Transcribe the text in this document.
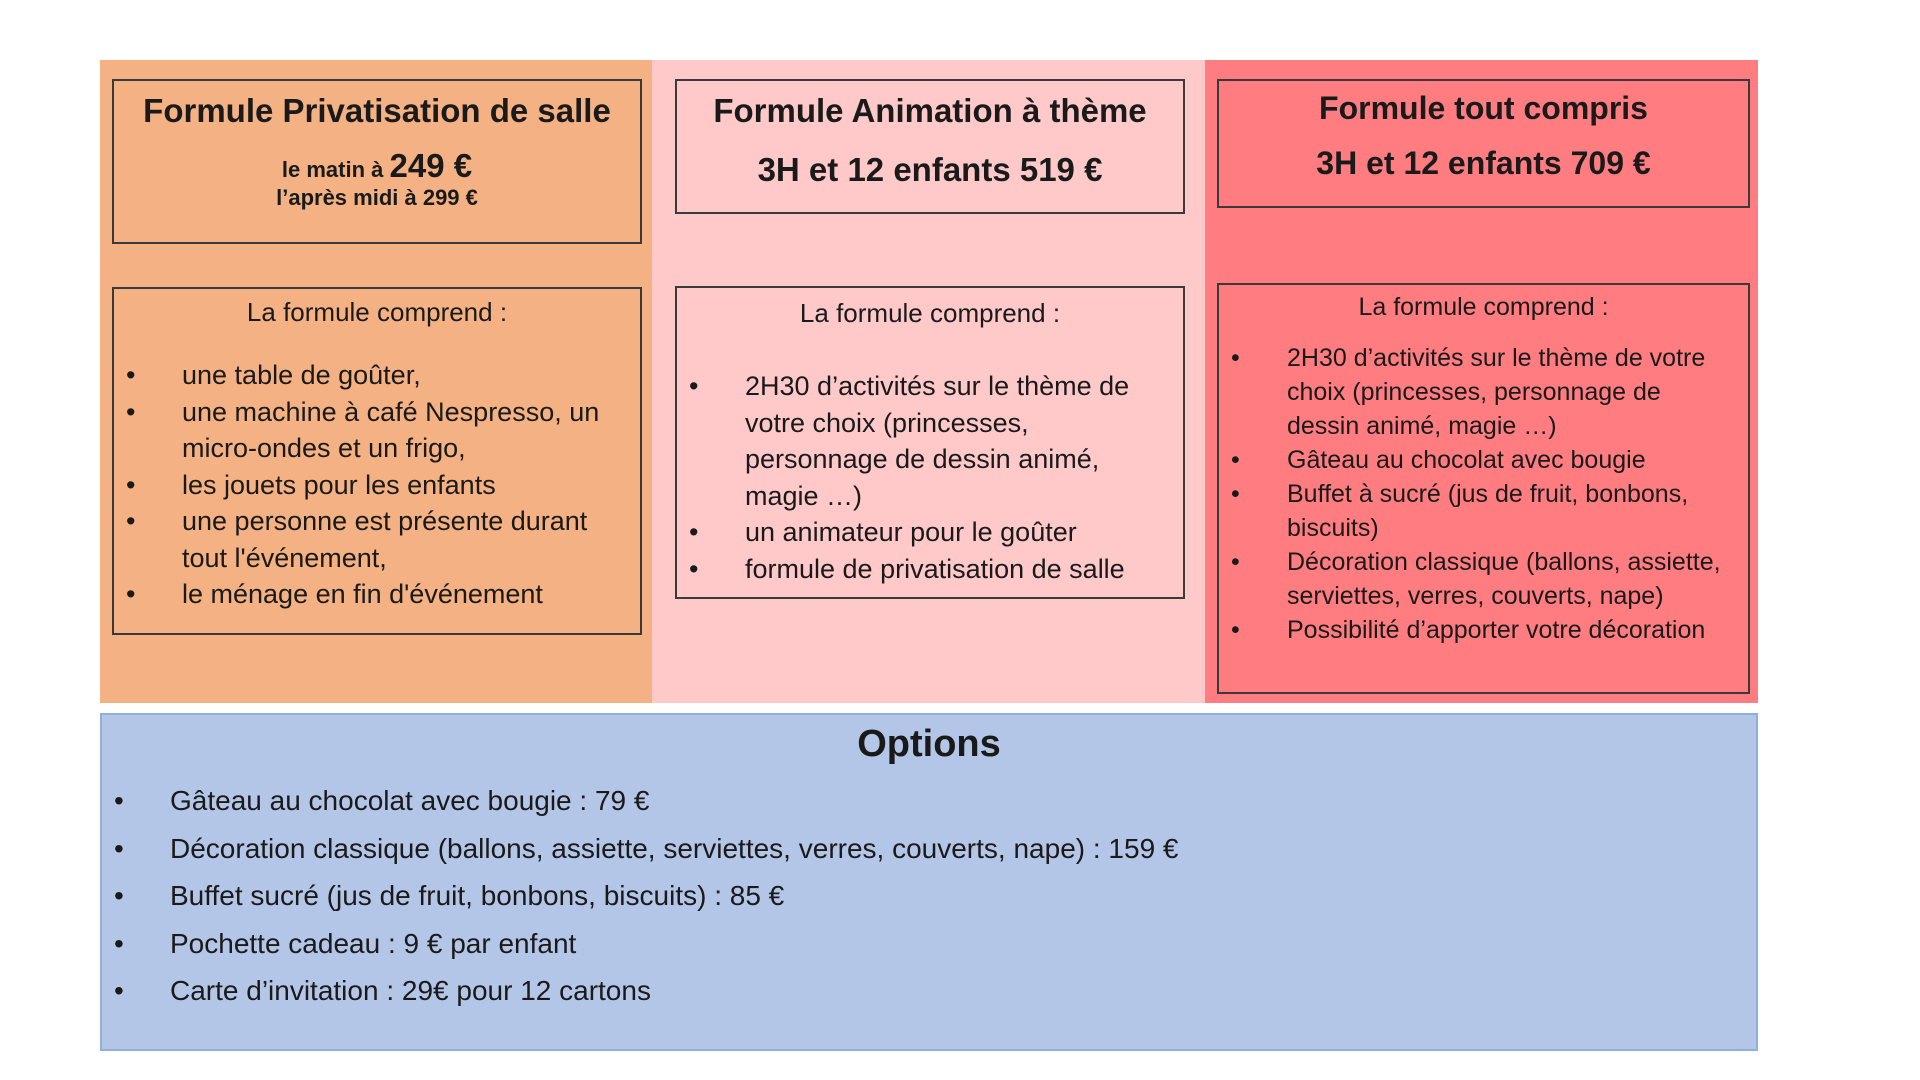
Formule Privatisation de salle

le matin à 249 €

l’après midi à 299 €

La formule comprend :

• une table de goûter,
• une machine à café Nespresso, un micro-ondes et un frigo,
• les jouets pour les enfants
• une personne est présente durant tout l'événement,
• le ménage en fin d'événement

Formule Animation à thème

3H et 12 enfants 519 €

La formule comprend :

• 2H30 d’activités sur le thème de votre choix (princesses, personnage de dessin animé, magie …)
• un animateur pour le goûter
• formule de privatisation de salle

Formule tout compris

3H et 12 enfants 709 €

La formule comprend :

• 2H30 d’activités sur le thème de votre choix (princesses, personnage de dessin animé, magie …)
• Gâteau au chocolat avec bougie
• Buffet à sucré (jus de fruit, bonbons, biscuits)
• Décoration classique (ballons, assiette, serviettes, verres, couverts, nape)
• Possibilité d’apporter votre décoration

Options

• Gâteau au chocolat avec bougie : 79 €
• Décoration classique (ballons, assiette, serviettes, verres, couverts, nape) : 159 €
• Buffet sucré (jus de fruit, bonbons, biscuits) : 85 €
• Pochette cadeau : 9 € par enfant
• Carte d’invitation : 29€ pour 12 cartons
